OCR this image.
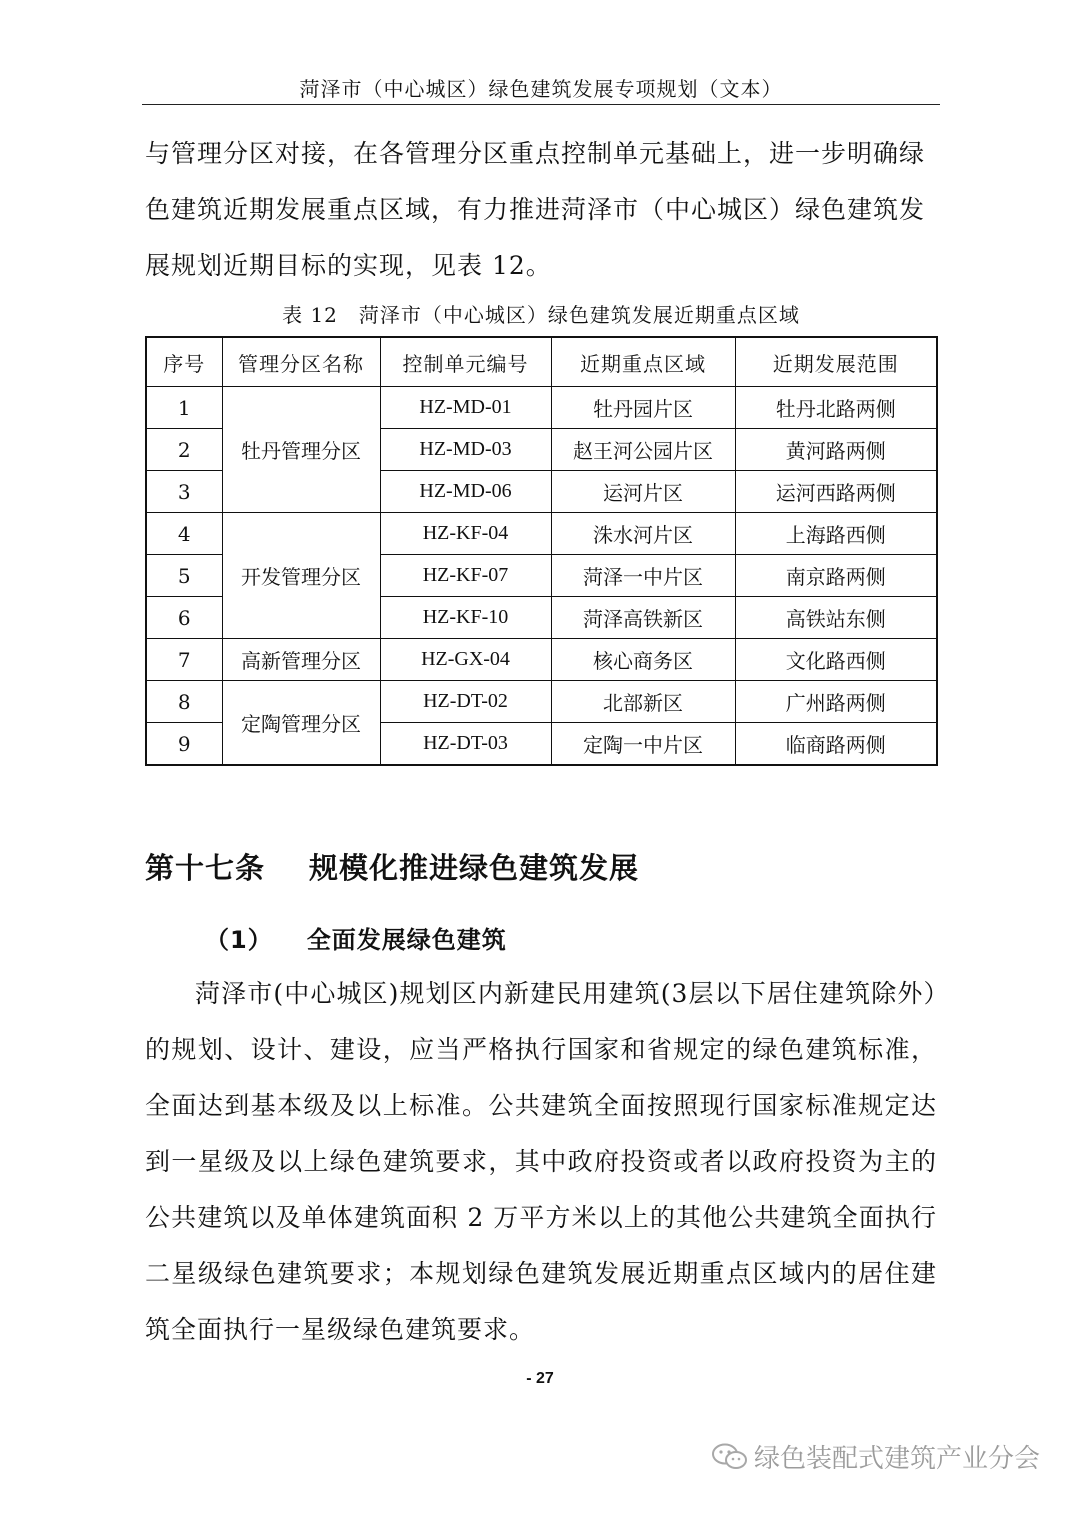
菏泽市（中心城区）绿色建筑发展专项规划（文本）

与管理分区对接，在各管理分区重点控制单元基础上，进一步明确绿色建筑近期发展重点区域，有力推进菏泽市（中心城区）绿色建筑发展规划近期目标的实现，见表 12。

表 12　菏泽市（中心城区）绿色建筑发展近期重点区域
序号	管理分区名称	控制单元编号	近期重点区域	近期发展范围
1	牡丹管理分区	HZ-MD-01	牡丹园片区	牡丹北路两侧
2		HZ-MD-03	赵王河公园片区	黄河路两侧
3		HZ-MD-06	运河片区	运河西路两侧
4	开发管理分区	HZ-KF-04	洙水河片区	上海路西侧
5		HZ-KF-07	菏泽一中片区	南京路两侧
6		HZ-KF-10	菏泽高铁新区	高铁站东侧
7	高新管理分区	HZ-GX-04	核心商务区	文化路西侧
8	定陶管理分区	HZ-DT-02	北部新区	广州路两侧
9		HZ-DT-03	定陶一中片区	临商路两侧
第十七条 规模化推进绿色建筑发展
（1） 全面发展绿色建筑

菏泽市(中心城区)规划区内新建民用建筑(3层以下居住建筑除外）的规划、设计、建设，应当严格执行国家和省规定的绿色建筑标准，全面达到基本级及以上标准。公共建筑全面按照现行国家标准规定达到一星级及以上绿色建筑要求，其中政府投资或者以政府投资为主的公共建筑以及单体建筑面积 2 万平方米以上的其他公共建筑全面执行二星级绿色建筑要求；本规划绿色建筑发展近期重点区域内的居住建筑全面执行一星级绿色建筑要求。

- 27
绿色装配式建筑产业分会
